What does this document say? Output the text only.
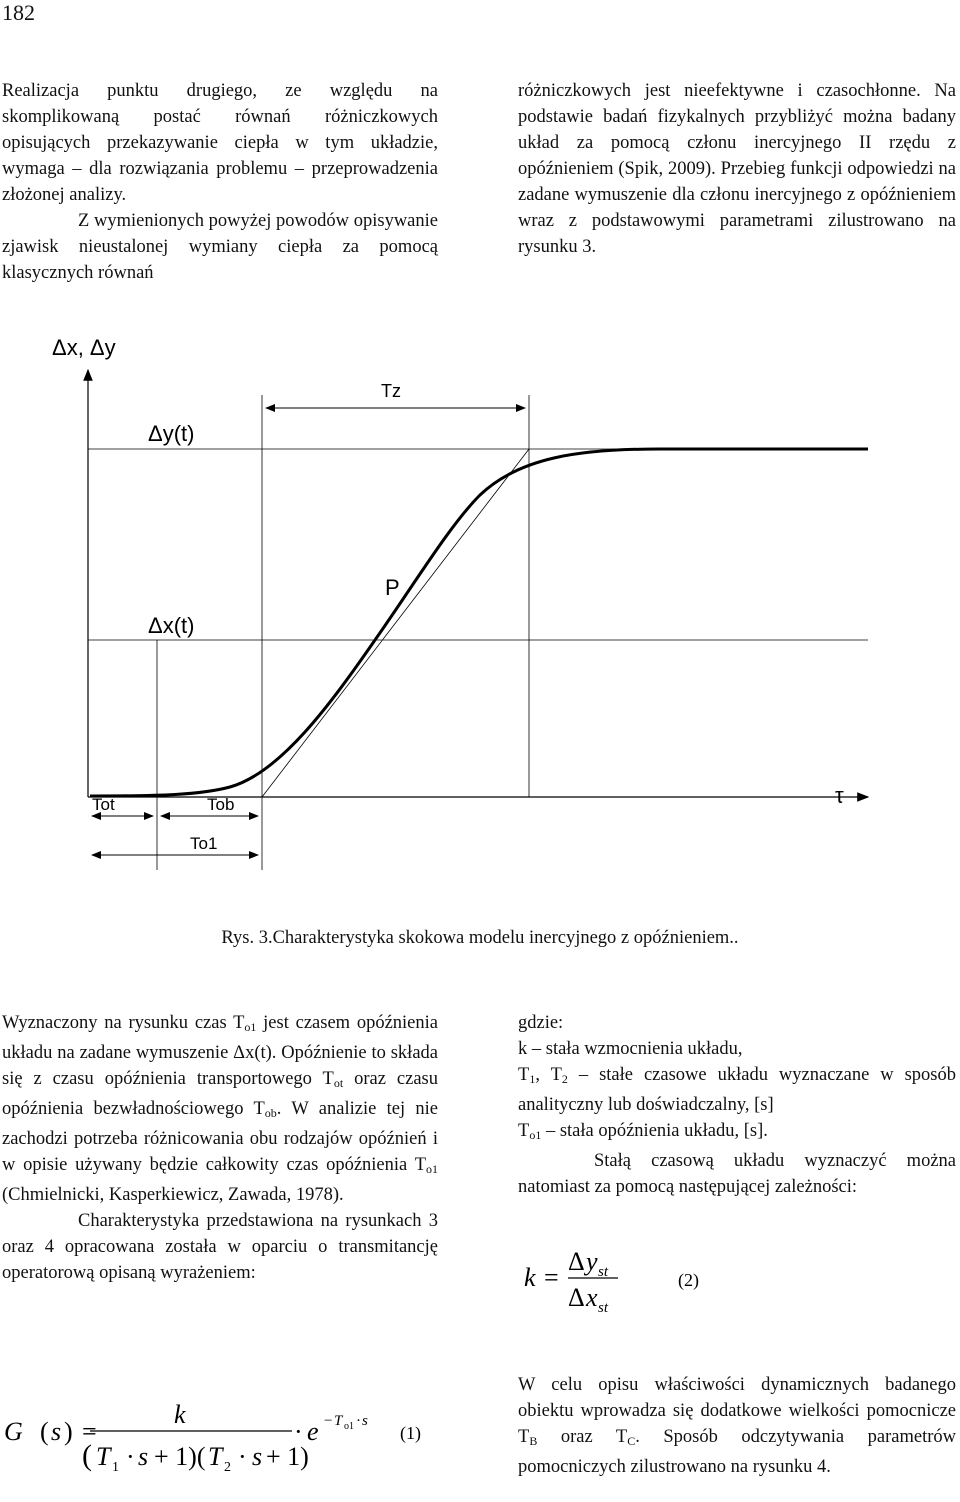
182

Realizacja punktu drugiego, ze względu na skomplikowaną postać równań różniczkowych opisujących przekazywanie ciepła w tym układzie, wymaga – dla rozwiązania problemu – przeprowadzenia złożonej analizy.

Z wymienionych powyżej powodów opisywanie zjawisk nieustalonej wymiany ciepła za pomocą klasycznych równań

różniczkowych jest nieefektywne i czasochłonne. Na podstawie badań fizykalnych przybliżyć można badany układ za pomocą członu inercyjnego II rzędu z opóźnieniem (Spik, 2009). Przebieg funkcji odpowiedzi na zadane wymuszenie dla członu inercyjnego z opóźnieniem wraz z podstawowymi parametrami zilustrowano na rysunku 3.

Δx, Δy
τ
Δy(t)
Δx(t)
P
Tz
Tot	Tob
To1
Rys. 3.Charakterystyka skokowa modelu inercyjnego z opóźnieniem..

Wyznaczony na rysunku czas $T_{o1}$ jest czasem opóźnienia układu na zadane wymuszenie Δx(t). Opóźnienie to składa się z czasu opóźnienia transportowego $T_{ot}$ oraz czasu opóźnienia bezwładnościowego $T_{ob}$. W analizie tej nie zachodzi potrzeba różnicowania obu rodzajów opóźnień i w opisie używany będzie całkowity czas opóźnienia $T_{o1}$ (Chmielnicki, Kasperkiewicz, Zawada, 1978).

Charakterystyka przedstawiona na rysunkach 3 oraz 4 opracowana została w oparciu o transmitancję operatorową opisaną wyrażeniem:

G ( s ) =
k
( T 1 · s + 1)( T 2 · s + 1)
· e − T o1 · s
(1)

gdzie:

k – stała wzmocnienia układu,

$T_1$, $T_2$ – stałe czasowe układu wyznaczane w sposób analityczny lub doświadczalny, [s]

$T_{o1}$ – stała opóźnienia układu, [s].

Stałą czasową układu wyznaczyć można natomiast za pomocą następującej zależności:

k =
Δ y st
Δ x st
(2)

W celu opisu właściwości dynamicznych badanego obiektu wprowadza się dodatkowe wielkości pomocnicze $T_B$ oraz $T_C$. Sposób odczytywania parametrów pomocniczych zilustrowano na rysunku 4.
